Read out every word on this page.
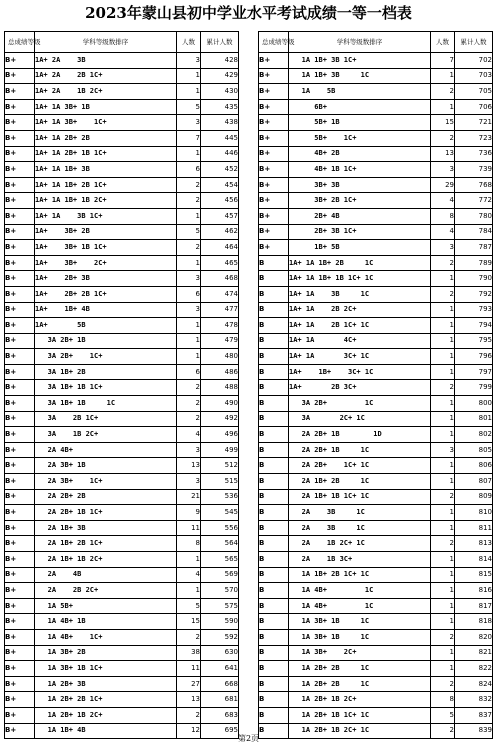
2023年蒙山县初中学业水平考试成绩一等一档表
总成绩等级	学科等级数排序	人数	累计人数
B+	1A+ 2A    3B	3	428
B+	1A+ 2A    2B 1C+	1	429
B+	1A+ 2A    1B 2C+	1	430
B+	1A+ 1A 3B+ 1B	5	435
B+	1A+ 1A 3B+    1C+	3	438
B+	1A+ 1A 2B+ 2B	7	445
B+	1A+ 1A 2B+ 1B 1C+	1	446
B+	1A+ 1A 1B+ 3B	6	452
B+	1A+ 1A 1B+ 2B 1C+	2	454
B+	1A+ 1A 1B+ 1B 2C+	2	456
B+	1A+ 1A    3B 1C+	1	457
B+	1A+    3B+ 2B	5	462
B+	1A+    3B+ 1B 1C+	2	464
B+	1A+    3B+    2C+	1	465
B+	1A+    2B+ 3B	3	468
B+	1A+    2B+ 2B 1C+	6	474
B+	1A+    1B+ 4B	3	477
B+	1A+       5B	1	478
B+	3A 2B+ 1B	1	479
B+	3A 2B+    1C+	1	480
B+	3A 1B+ 2B	6	486
B+	3A 1B+ 1B 1C+	2	488
B+	3A 1B+ 1B     1C	2	490
B+	3A    2B 1C+	2	492
B+	3A    1B 2C+	4	496
B+	2A 4B+	3	499
B+	2A 3B+ 1B	13	512
B+	2A 3B+    1C+	3	515
B+	2A 2B+ 2B	21	536
B+	2A 2B+ 1B 1C+	9	545
B+	2A 1B+ 3B	11	556
B+	2A 1B+ 2B 1C+	8	564
B+	2A 1B+ 1B 2C+	1	565
B+	2A    4B	4	569
B+	2A    2B 2C+	1	570
B+	1A 5B+	5	575
B+	1A 4B+ 1B	15	590
B+	1A 4B+    1C+	2	592
B+	1A 3B+ 2B	38	630
B+	1A 3B+ 1B 1C+	11	641
B+	1A 2B+ 3B	27	668
B+	1A 2B+ 2B 1C+	13	681
B+	1A 2B+ 1B 2C+	2	683
B+	1A 1B+ 4B	12	695
总成绩等级	学科等级数排序	人数	累计人数
B+	1A 1B+ 3B 1C+	7	702
B+	1A 1B+ 3B     1C	1	703
B+	1A    5B	2	705
B+	6B+	1	706
B+	5B+ 1B	15	721
B+	5B+    1C+	2	723
B+	4B+ 2B	13	736
B+	4B+ 1B 1C+	3	739
B+	3B+ 3B	29	768
B+	3B+ 2B 1C+	4	772
B+	2B+ 4B	8	780
B+	2B+ 3B 1C+	4	784
B+	1B+ 5B	3	787
B	1A+ 1A 1B+ 2B     1C	2	789
B	1A+ 1A 1B+ 1B 1C+ 1C	1	790
B	1A+ 1A    3B     1C	2	792
B	1A+ 1A    2B 2C+	1	793
B	1A+ 1A    2B 1C+ 1C	1	794
B	1A+ 1A       4C+	1	795
B	1A+ 1A       3C+ 1C	1	796
B	1A+    1B+    3C+ 1C	1	797
B	1A+       2B 3C+	2	799
B	3A 2B+         1C	1	800
B	3A       2C+ 1C	1	801
B	2A 2B+ 1B        1D	1	802
B	2A 2B+ 1B     1C	3	805
B	2A 2B+    1C+ 1C	1	806
B	2A 1B+ 2B     1C	1	807
B	2A 1B+ 1B 1C+ 1C	2	809
B	2A    3B     1C	1	810
B	2A    3B     1C	1	811
B	2A    1B 2C+ 1C	2	813
B	2A    1B 3C+	1	814
B	1A 1B+ 2B 1C+ 1C	1	815
B	1A 4B+         1C	1	816
B	1A 4B+         1C	1	817
B	1A 3B+ 1B     1C	1	818
B	1A 3B+ 1B     1C	2	820
B	1A 3B+    2C+	1	821
B	1A 2B+ 2B     1C	1	822
B	1A 2B+ 2B     1C	2	824
B	1A 2B+ 1B 2C+	8	832
B	1A 2B+ 1B 1C+ 1C	5	837
B	1A 2B+ 1B 2C+ 1C	2	839
第2页
